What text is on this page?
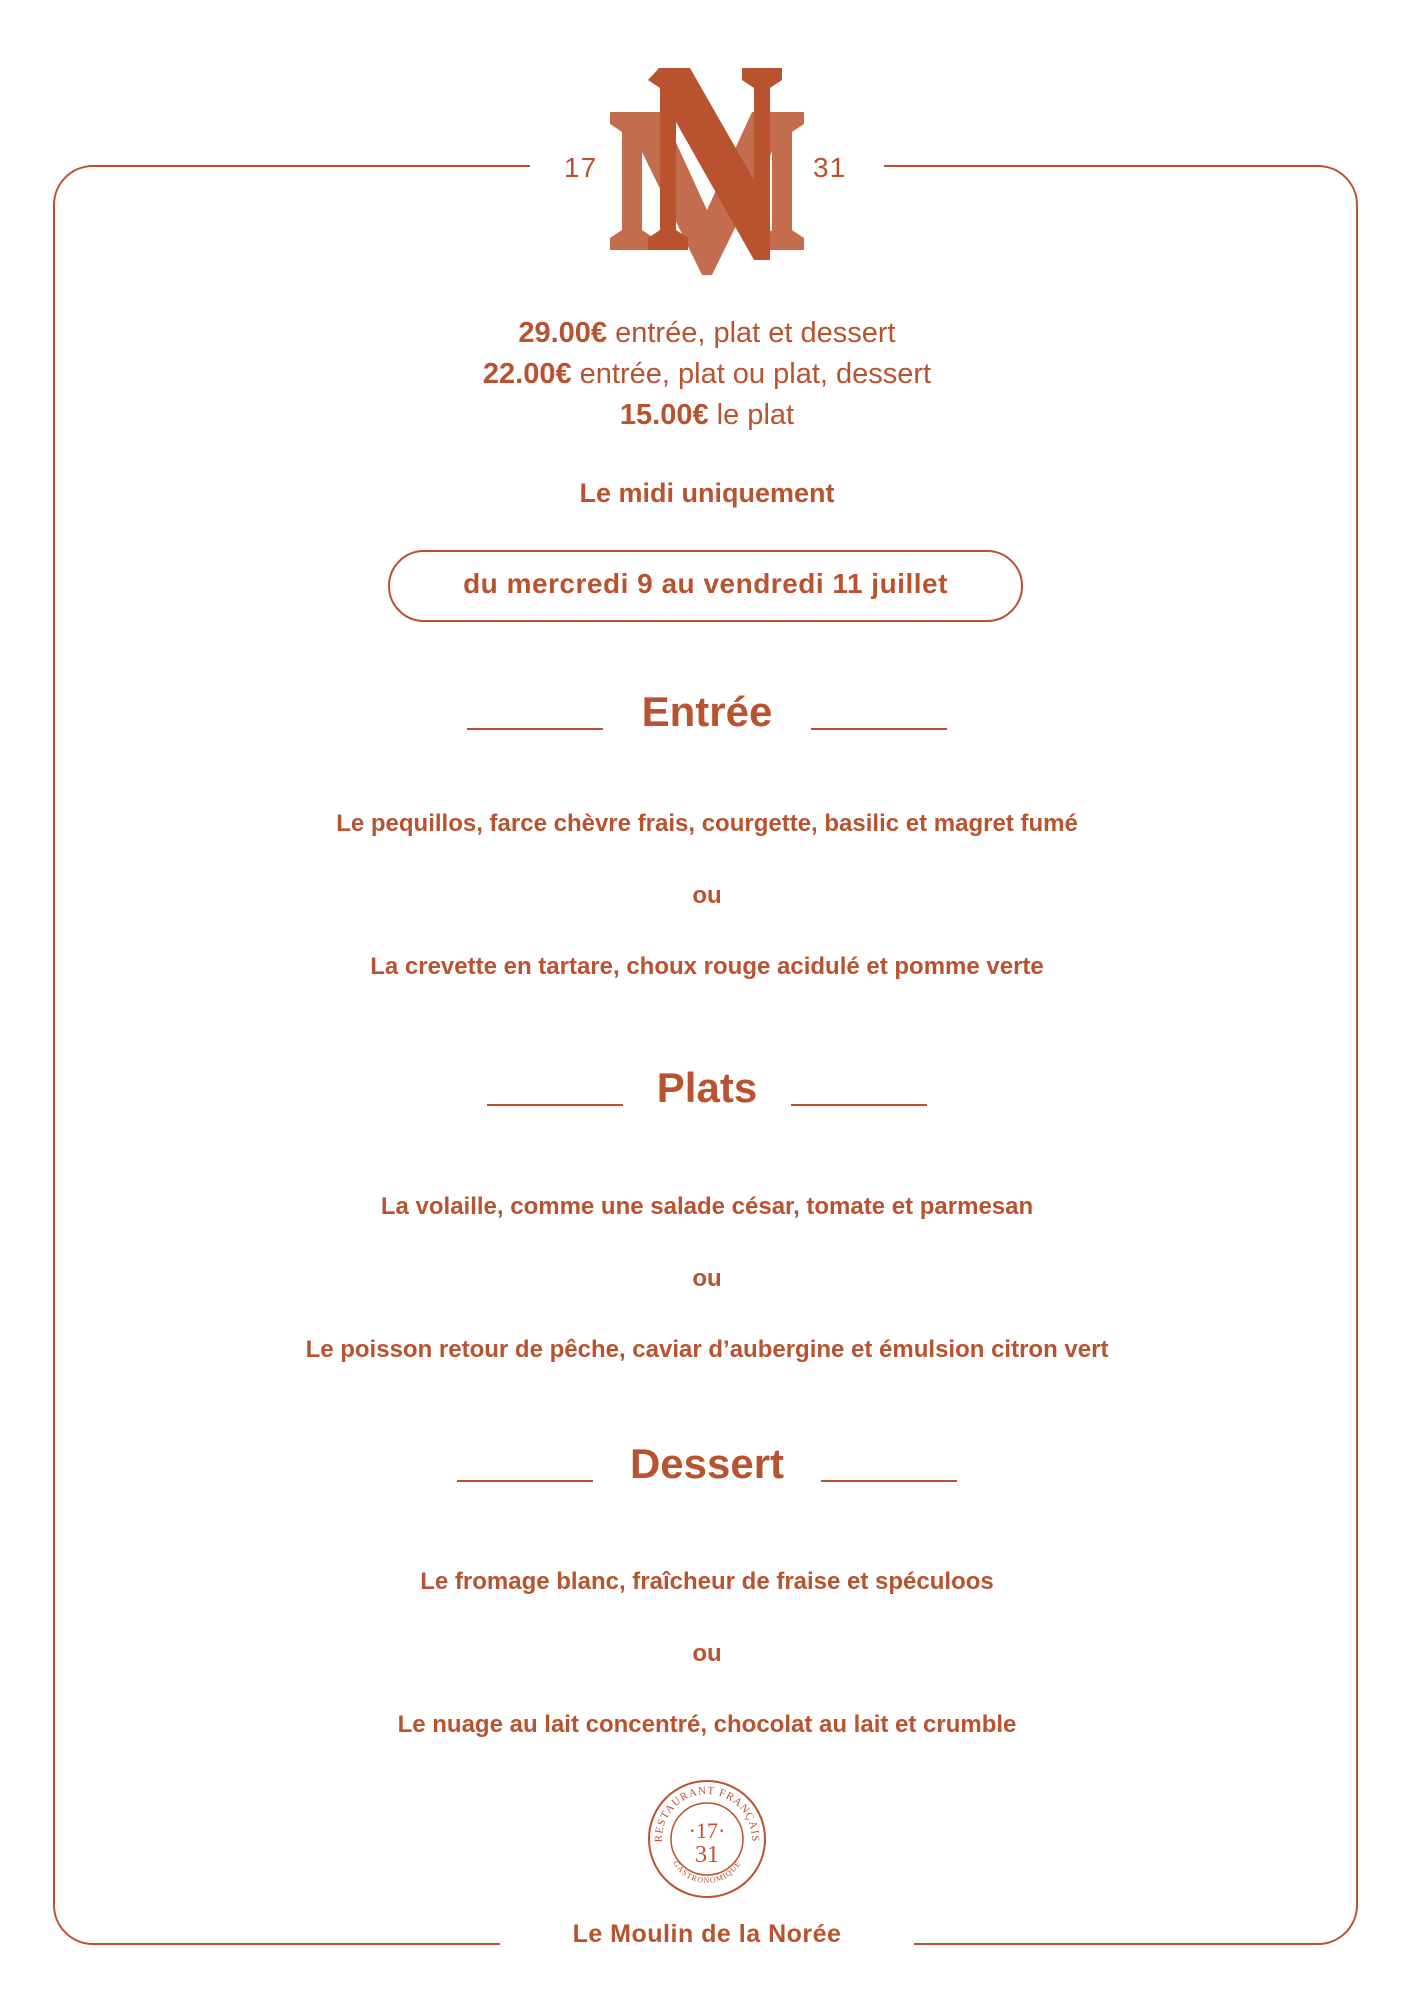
17	31
29.00€ entrée, plat et dessert
22.00€ entrée, plat ou plat, dessert
15.00€ le plat
Le midi uniquement
du mercredi 9 au vendredi 11 juillet
Entrée
Le pequillos, farce chèvre frais, courgette, basilic et magret fumé
ou
La crevette en tartare, choux rouge acidulé et pomme verte
Plats
La volaille, comme une salade césar, tomate et parmesan
ou
Le poisson retour de pêche, caviar d’aubergine et émulsion citron vert
Dessert
Le fromage blanc, fraîcheur de fraise et spéculoos
ou
Le nuage au lait concentré, chocolat au lait et crumble
RESTAURANT FRANÇAIS
GASTRONOMIQUE
·17·
31
Le Moulin de la Norée
